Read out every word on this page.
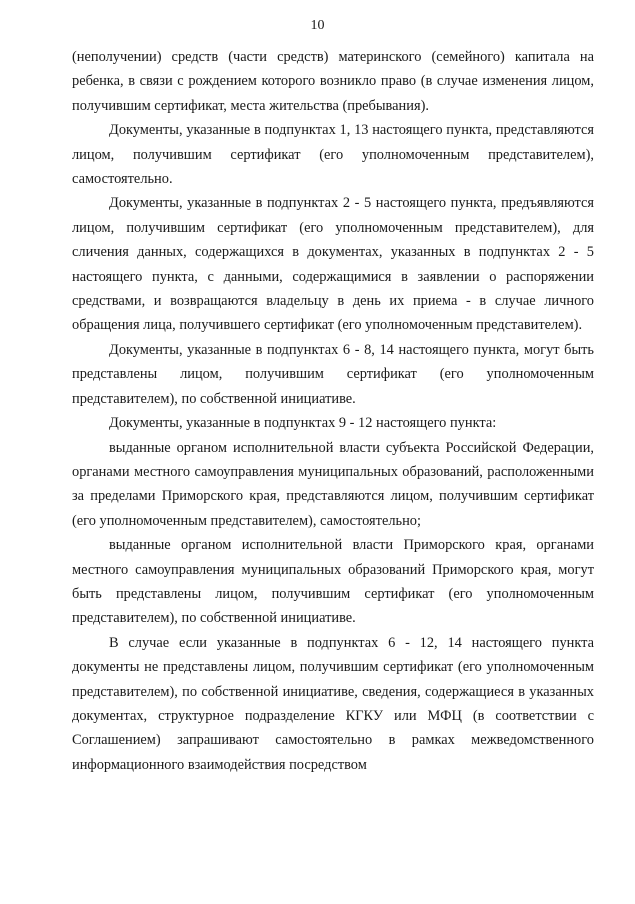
10

(неполучении) средств (части средств) материнского (семейного) капитала на ребенка, в связи с рождением которого возникло право (в случае изменения лицом, получившим сертификат, места жительства (пребывания).

Документы, указанные в подпунктах 1, 13 настоящего пункта, представляются лицом, получившим сертификат (его уполномоченным представителем), самостоятельно.

Документы, указанные в подпунктах 2 - 5 настоящего пункта, предъявляются лицом, получившим сертификат (его уполномоченным представителем), для сличения данных, содержащихся в документах, указанных в подпунктах 2 - 5 настоящего пункта, с данными, содержащимися в заявлении о распоряжении средствами, и возвращаются владельцу в день их приема - в случае личного обращения лица, получившего сертификат (его уполномоченным представителем).

Документы, указанные в подпунктах 6 - 8, 14 настоящего пункта, могут быть представлены лицом, получившим сертификат (его уполномоченным представителем), по собственной инициативе.

Документы, указанные в подпунктах 9 - 12 настоящего пункта:

выданные органом исполнительной власти субъекта Российской Федерации, органами местного самоуправления муниципальных образований, расположенными за пределами Приморского края, представляются лицом, получившим сертификат (его уполномоченным представителем), самостоятельно;

выданные органом исполнительной власти Приморского края, органами местного самоуправления муниципальных образований Приморского края, могут быть представлены лицом, получившим сертификат (его уполномоченным представителем), по собственной инициативе.

В случае если указанные в подпунктах 6 - 12, 14 настоящего пункта документы не представлены лицом, получившим сертификат (его уполномоченным представителем), по собственной инициативе, сведения, содержащиеся в указанных документах, структурное подразделение КГКУ или МФЦ (в соответствии с Соглашением) запрашивают самостоятельно в рамках межведомственного информационного взаимодействия посредством
